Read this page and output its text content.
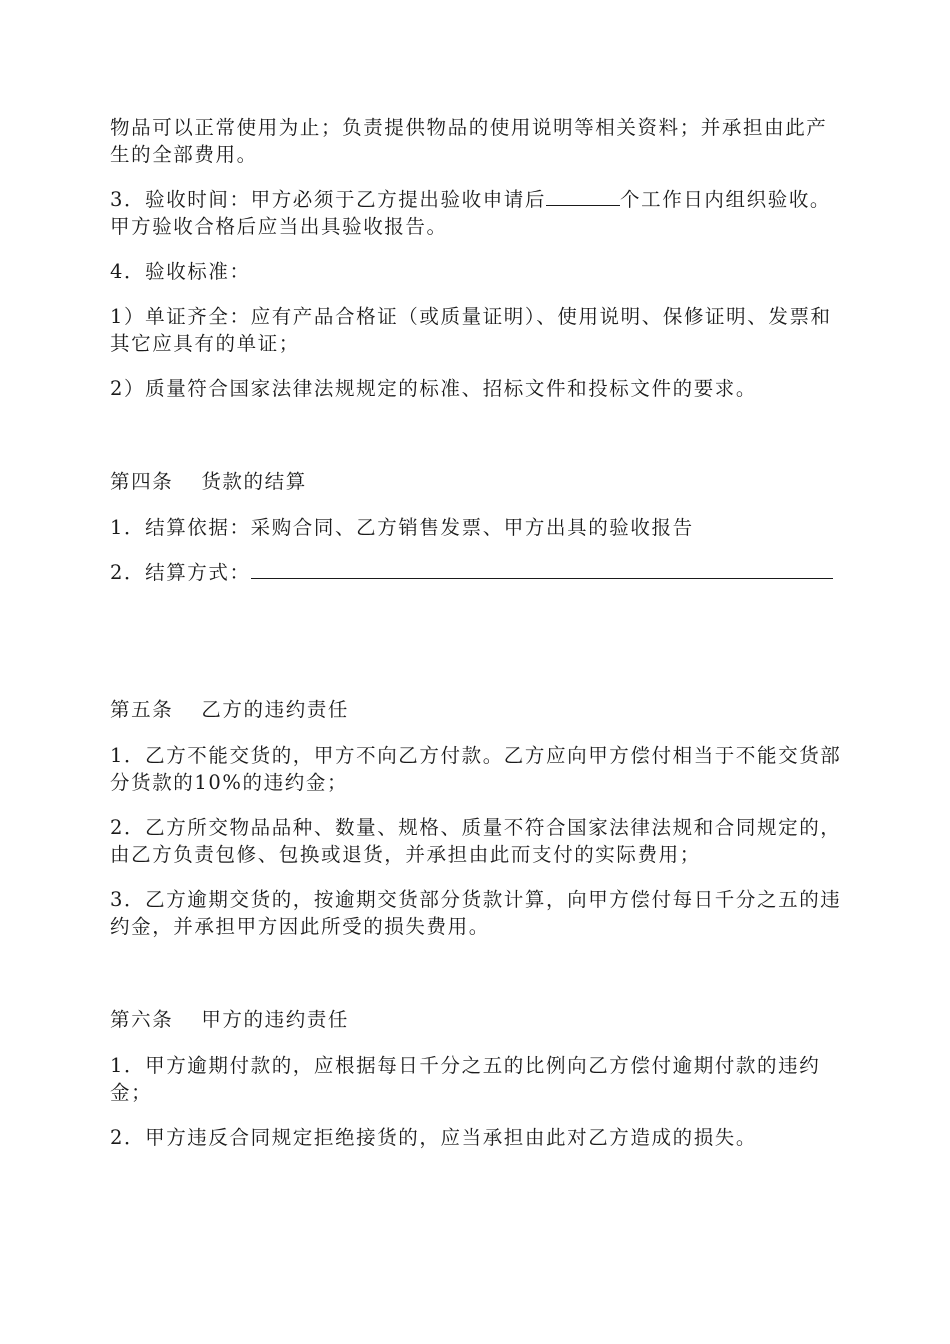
物品可以正常使用为止；负责提供物品的使用说明等相关资料；并承担由此产生的全部费用。

3．验收时间：甲方必须于乙方提出验收申请后	个工作日内组织验收。甲方验收合格后应当出具验收报告。

4．验收标准：

1）单证齐全：应有产品合格证（或质量证明）、使用说明、保修证明、发票和其它应具有的单证；

2）质量符合国家法律法规规定的标准、招标文件和投标文件的要求。

第四条 货款的结算

1．结算依据：采购合同、乙方销售发票、甲方出具的验收报告

2．结算方式：

第五条 乙方的违约责任

1．乙方不能交货的，甲方不向乙方付款。乙方应向甲方偿付相当于不能交货部分货款的10%的违约金；

2．乙方所交物品品种、数量、规格、质量不符合国家法律法规和合同规定的，由乙方负责包修、包换或退货，并承担由此而支付的实际费用；

3．乙方逾期交货的，按逾期交货部分货款计算，向甲方偿付每日千分之五的违约金，并承担甲方因此所受的损失费用。

第六条 甲方的违约责任

1．甲方逾期付款的，应根据每日千分之五的比例向乙方偿付逾期付款的违约金；

2．甲方违反合同规定拒绝接货的，应当承担由此对乙方造成的损失。
